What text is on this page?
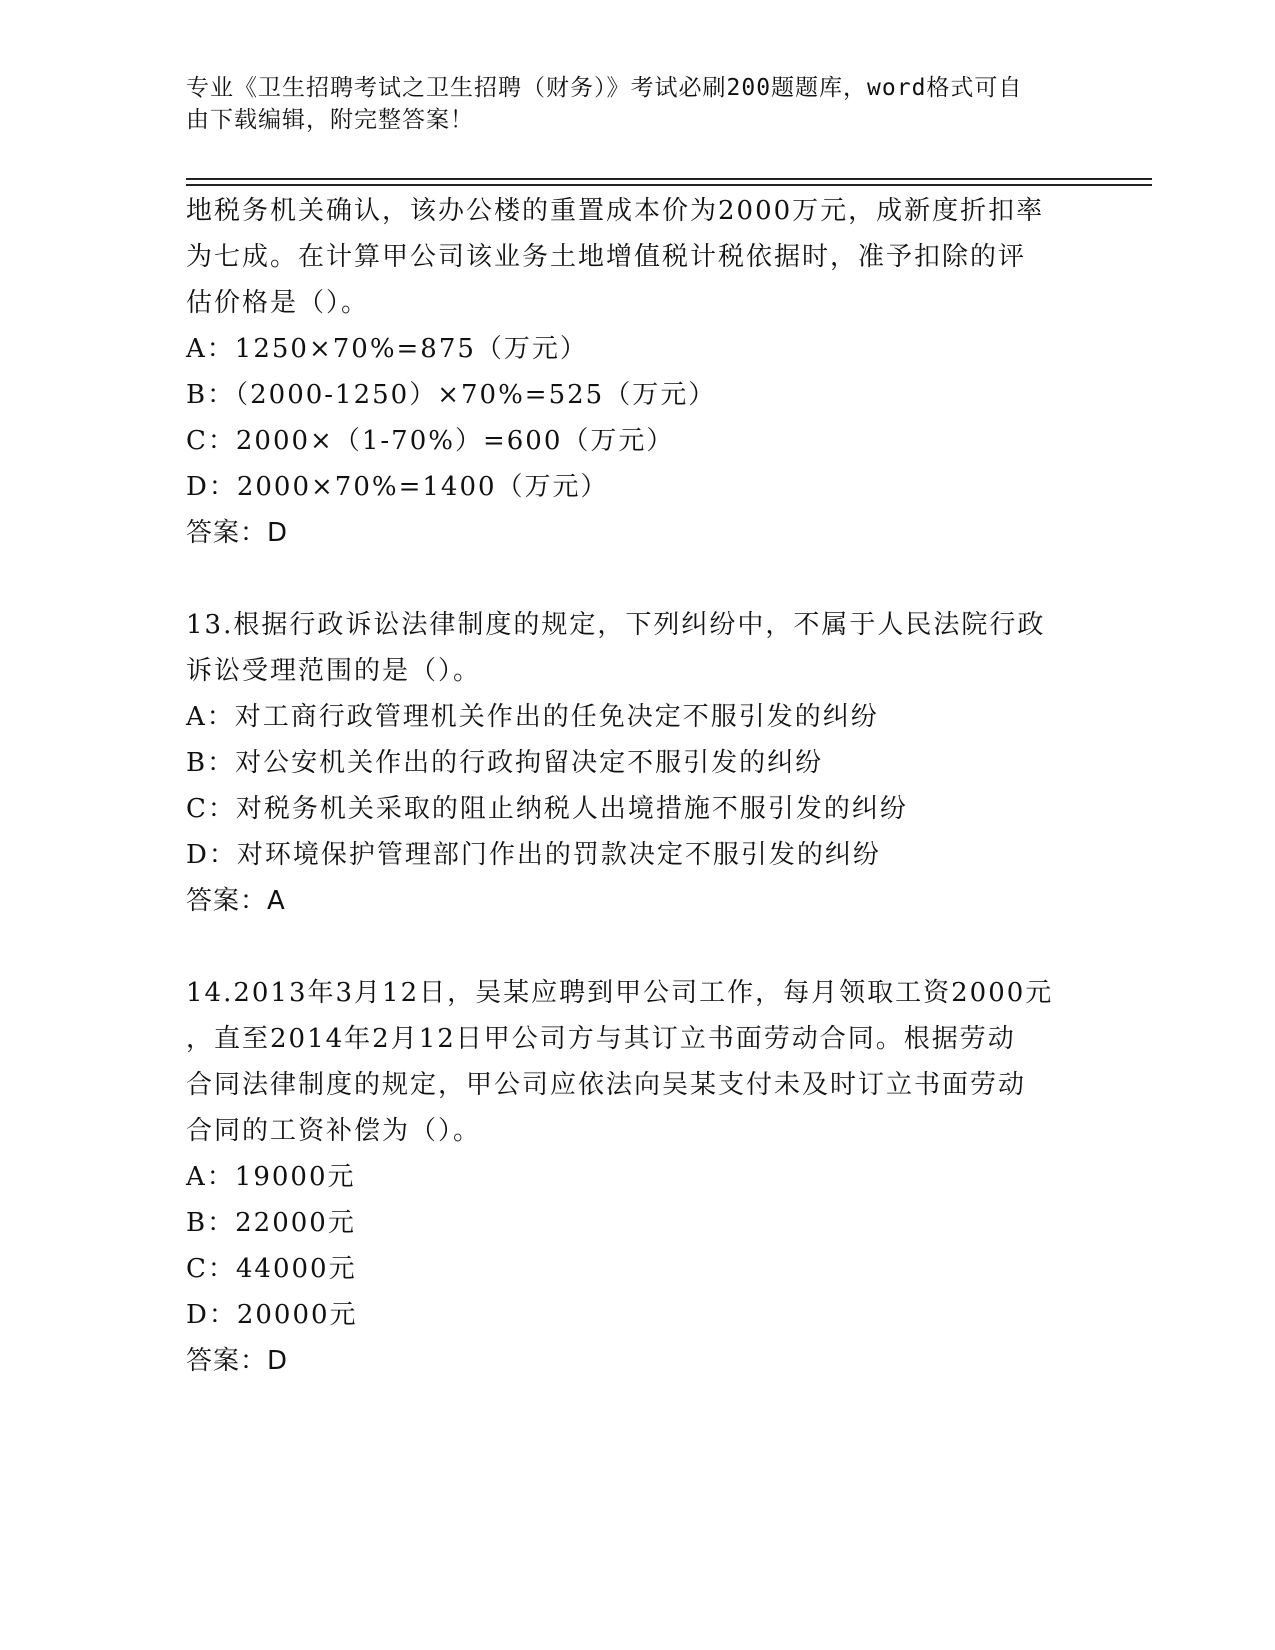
专业《卫生招聘考试之卫生招聘（财务）》考试必刷200题题库，word格式可自
由下载编辑，附完整答案！
地税务机关确认，该办公楼的重置成本价为2000万元，成新度折扣率
为七成。在计算甲公司该业务土地增值税计税依据时，准予扣除的评
估价格是（）。
A：1250×70%=875（万元）
B：（2000-1250）×70%=525（万元）
C：2000×（1-70%）=600（万元）
D：2000×70%=1400（万元）
答案：D
13.根据行政诉讼法律制度的规定，下列纠纷中，不属于人民法院行政
诉讼受理范围的是（）。
A：对工商行政管理机关作出的任免决定不服引发的纠纷
B：对公安机关作出的行政拘留决定不服引发的纠纷
C：对税务机关采取的阻止纳税人出境措施不服引发的纠纷
D：对环境保护管理部门作出的罚款决定不服引发的纠纷
答案：A
14.2013年3月12日，吴某应聘到甲公司工作，每月领取工资2000元
，直至2014年2月12日甲公司方与其订立书面劳动合同。根据劳动
合同法律制度的规定，甲公司应依法向吴某支付未及时订立书面劳动
合同的工资补偿为（）。
A：19000元
B：22000元
C：44000元
D：20000元
答案：D
